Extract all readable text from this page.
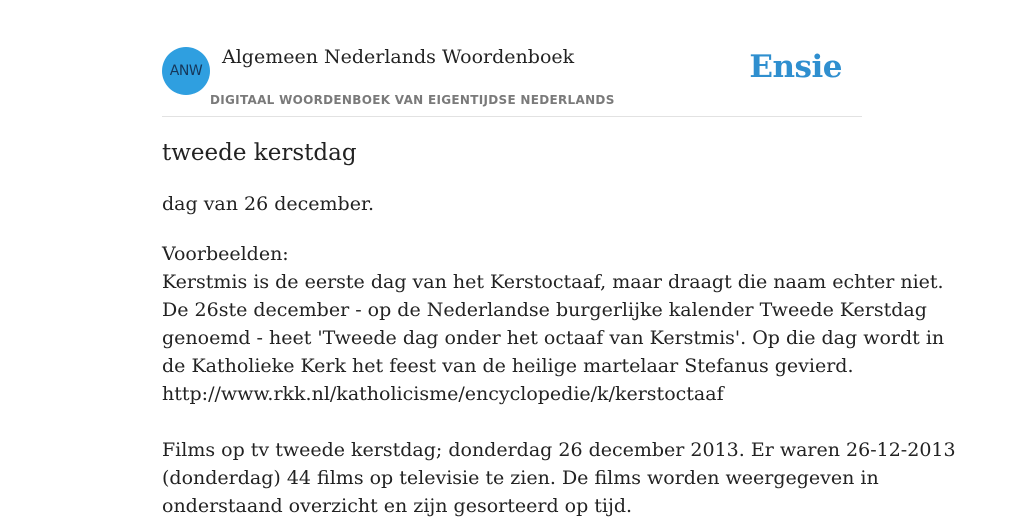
ANW
Algemeen Nederlands Woordenboek
DIGITAAL WOORDENBOEK VAN EIGENTIJDSE NEDERLANDS
Ensie
tweede kerstdag

dag van 26 december.

Voorbeelden:
Kerstmis is de eerste dag van het Kerstoctaaf, maar draagt die naam echter niet.
De 26ste december - op de Nederlandse burgerlijke kalender Tweede Kerstdag
genoemd - heet 'Tweede dag onder het octaaf van Kerstmis'. Op die dag wordt in
de Katholieke Kerk het feest van de heilige martelaar Stefanus gevierd.
http://www.rkk.nl/katholicisme/encyclopedie/k/kerstoctaaf
Films op tv tweede kerstdag; donderdag 26 december 2013. Er waren 26-12-2013
(donderdag) 44 films op televisie te zien. De films worden weergegeven in
onderstaand overzicht en zijn gesorteerd op tijd.
